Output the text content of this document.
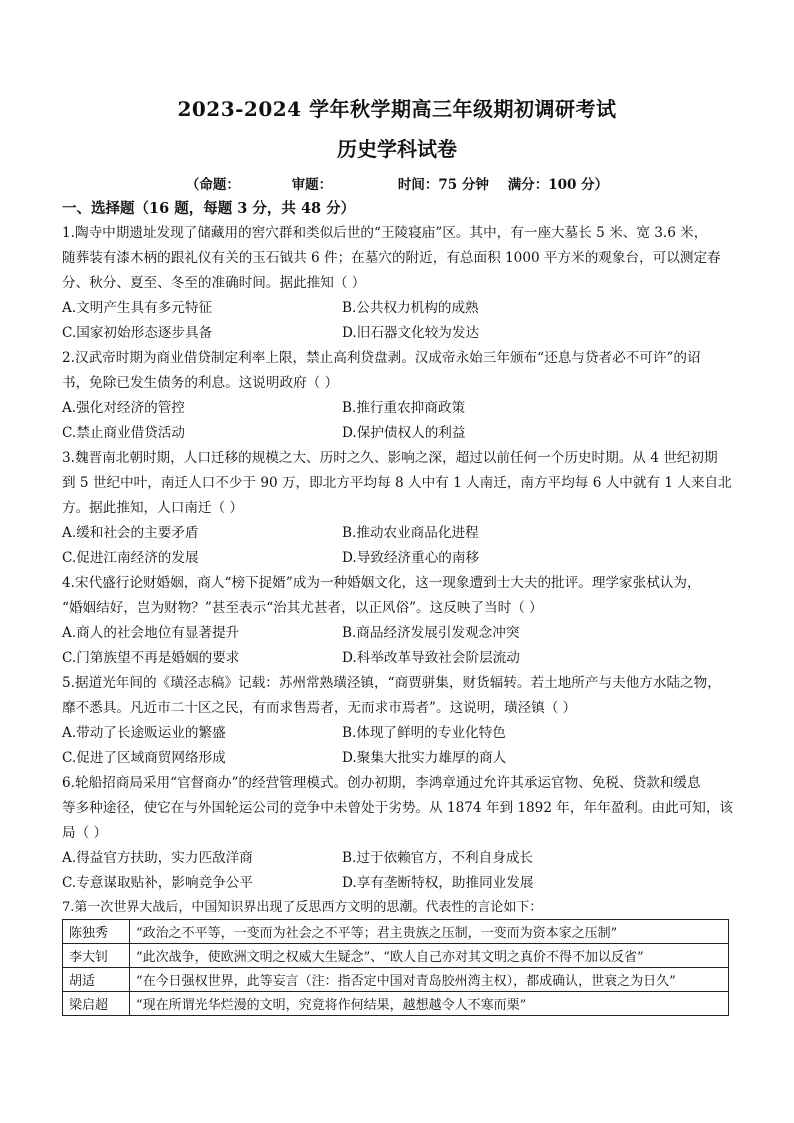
2023-2024 学年秋学期高三年级期初调研考试
历史学科试卷
（命题：           审题：              时间：75 分钟    满分：100 分）
一、选择题（16 题，每题 3 分，共 48 分）
1.陶寺中期遗址发现了储藏用的窖穴群和类似后世的“王陵寝庙”区。其中，有一座大墓长 5 米、宽 3.6 米，
随葬装有漆木柄的跟礼仪有关的玉石钺共 6 件；在墓穴的附近，有总面积 1000 平方米的观象台，可以测定春
分、秋分、夏至、冬至的准确时间。据此推知（ ）
A.文明产生具有多元特征	B.公共权力机构的成熟
C.国家初始形态逐步具备	D.旧石器文化较为发达
2.汉武帝时期为商业借贷制定利率上限，禁止高利贷盘剥。汉成帝永始三年颁布“还息与贷者必不可许”的诏
书，免除已发生债务的利息。这说明政府（ ）
A.强化对经济的管控	B.推行重农抑商政策
C.禁止商业借贷活动	D.保护债权人的利益
3.魏晋南北朝时期，人口迁移的规模之大、历时之久、影响之深，超过以前任何一个历史时期。从 4 世纪初期
到 5 世纪中叶，南迁人口不少于 90 万，即北方平均每 8 人中有 1 人南迁，南方平均每 6 人中就有 1 人来自北
方。据此推知，人口南迁（ ）
A.缓和社会的主要矛盾	B.推动农业商品化进程
C.促进江南经济的发展	D.导致经济重心的南移
4.宋代盛行论财婚姻，商人“榜下捉婿”成为一种婚姻文化，这一现象遭到士大夫的批评。理学家张栻认为，
“婚姻结好，岂为财物？”甚至表示“治其尤甚者，以正风俗”。这反映了当时（ ）
A.商人的社会地位有显著提升	B.商品经济发展引发观念冲突
C.门第族望不再是婚姻的要求	D.科举改革导致社会阶层流动
5.据道光年间的《璜泾志稿》记载：苏州常熟璜泾镇，“商贾骈集，财货辐转。若土地所产与夫他方水陆之物，
靡不悉具。凡近市二十区之民，有而求售焉者，无而求市焉者”。这说明，璜泾镇（ ）
A.带动了长途贩运业的繁盛	B.体现了鲜明的专业化特色
C.促进了区域商贸网络形成	D.聚集大批实力雄厚的商人
6.轮船招商局采用“官督商办”的经营管理模式。创办初期，李鸿章通过允许其承运官物、免税、贷款和缓息
等多种途径，使它在与外国轮运公司的竞争中未曾处于劣势。从 1874 年到 1892 年，年年盈利。由此可知，该
局（ ）
A.得益官方扶助，实力匹敌洋商	B.过于依赖官方，不利自身成长
C.专意谋取贴补，影响竞争公平	D.享有垄断特权，助推同业发展
7.第一次世界大战后，中国知识界出现了反思西方文明的思潮。代表性的言论如下：
陈独秀	“政治之不平等，一变而为社会之不平等；君主贵族之压制，一变而为资本家之压制”
李大钊	“此次战争，使欧洲文明之权威大生疑念”、“欧人自己亦对其文明之真价不得不加以反省”
胡适	“在今日强权世界，此等妄言（注：指否定中国对青岛胶州湾主权），都成确认，世衰之为日久”
梁启超	“现在所谓光华烂漫的文明，究竟将作何结果，越想越令人不寒而栗”
